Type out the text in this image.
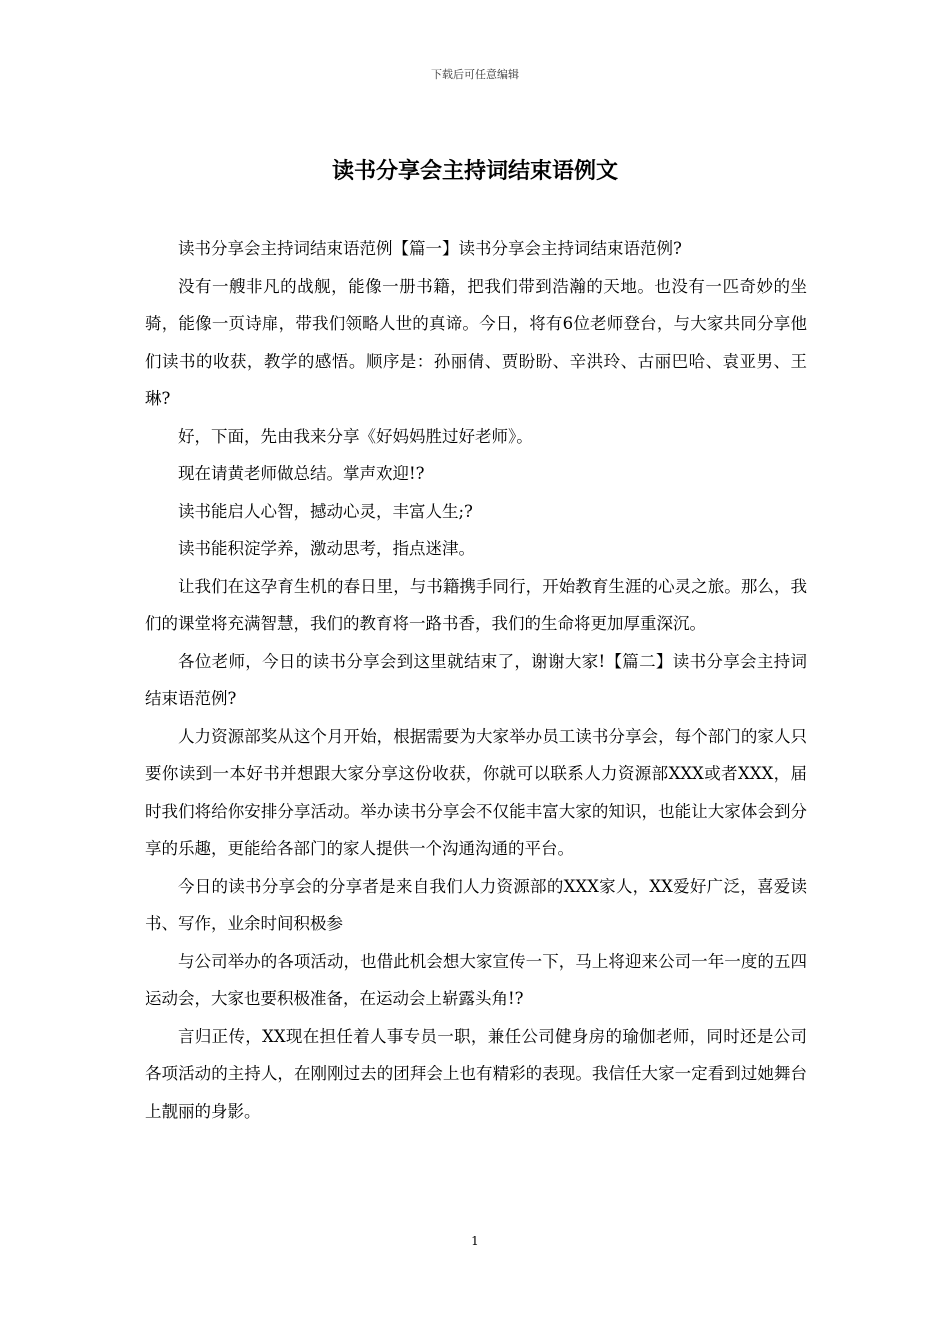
下载后可任意编辑
读书分享会主持词结束语例文

读书分享会主持词结束语范例【篇一】读书分享会主持词结束语范例?

没有一艘非凡的战舰，能像一册书籍，把我们带到浩瀚的天地。也没有一匹奇妙的坐骑，能像一页诗扉，带我们领略人世的真谛。今日，将有6位老师登台，与大家共同分享他们读书的收获，教学的感悟。顺序是：孙丽倩、贾盼盼、辛洪玲、古丽巴哈、袁亚男、王琳?

好，下面，先由我来分享《好妈妈胜过好老师》。

现在请黄老师做总结。掌声欢迎!?

读书能启人心智，撼动心灵，丰富人生;?

读书能积淀学养，激动思考，指点迷津。

让我们在这孕育生机的春日里，与书籍携手同行，开始教育生涯的心灵之旅。那么，我们的课堂将充满智慧，我们的教育将一路书香，我们的生命将更加厚重深沉。

各位老师，今日的读书分享会到这里就结束了，谢谢大家!【篇二】读书分享会主持词结束语范例?

人力资源部奖从这个月开始，根据需要为大家举办员工读书分享会，每个部门的家人只要你读到一本好书并想跟大家分享这份收获，你就可以联系人力资源部XXX或者XXX，届时我们将给你安排分享活动。举办读书分享会不仅能丰富大家的知识，也能让大家体会到分享的乐趣，更能给各部门的家人提供一个沟通沟通的平台。

今日的读书分享会的分享者是来自我们人力资源部的XXX家人，XX爱好广泛，喜爱读书、写作，业余时间积极参

与公司举办的各项活动，也借此机会想大家宣传一下，马上将迎来公司一年一度的五四运动会，大家也要积极准备，在运动会上崭露头角!?

言归正传，XX现在担任着人事专员一职，兼任公司健身房的瑜伽老师，同时还是公司各项活动的主持人，在刚刚过去的团拜会上也有精彩的表现。我信任大家一定看到过她舞台上靓丽的身影。

1
